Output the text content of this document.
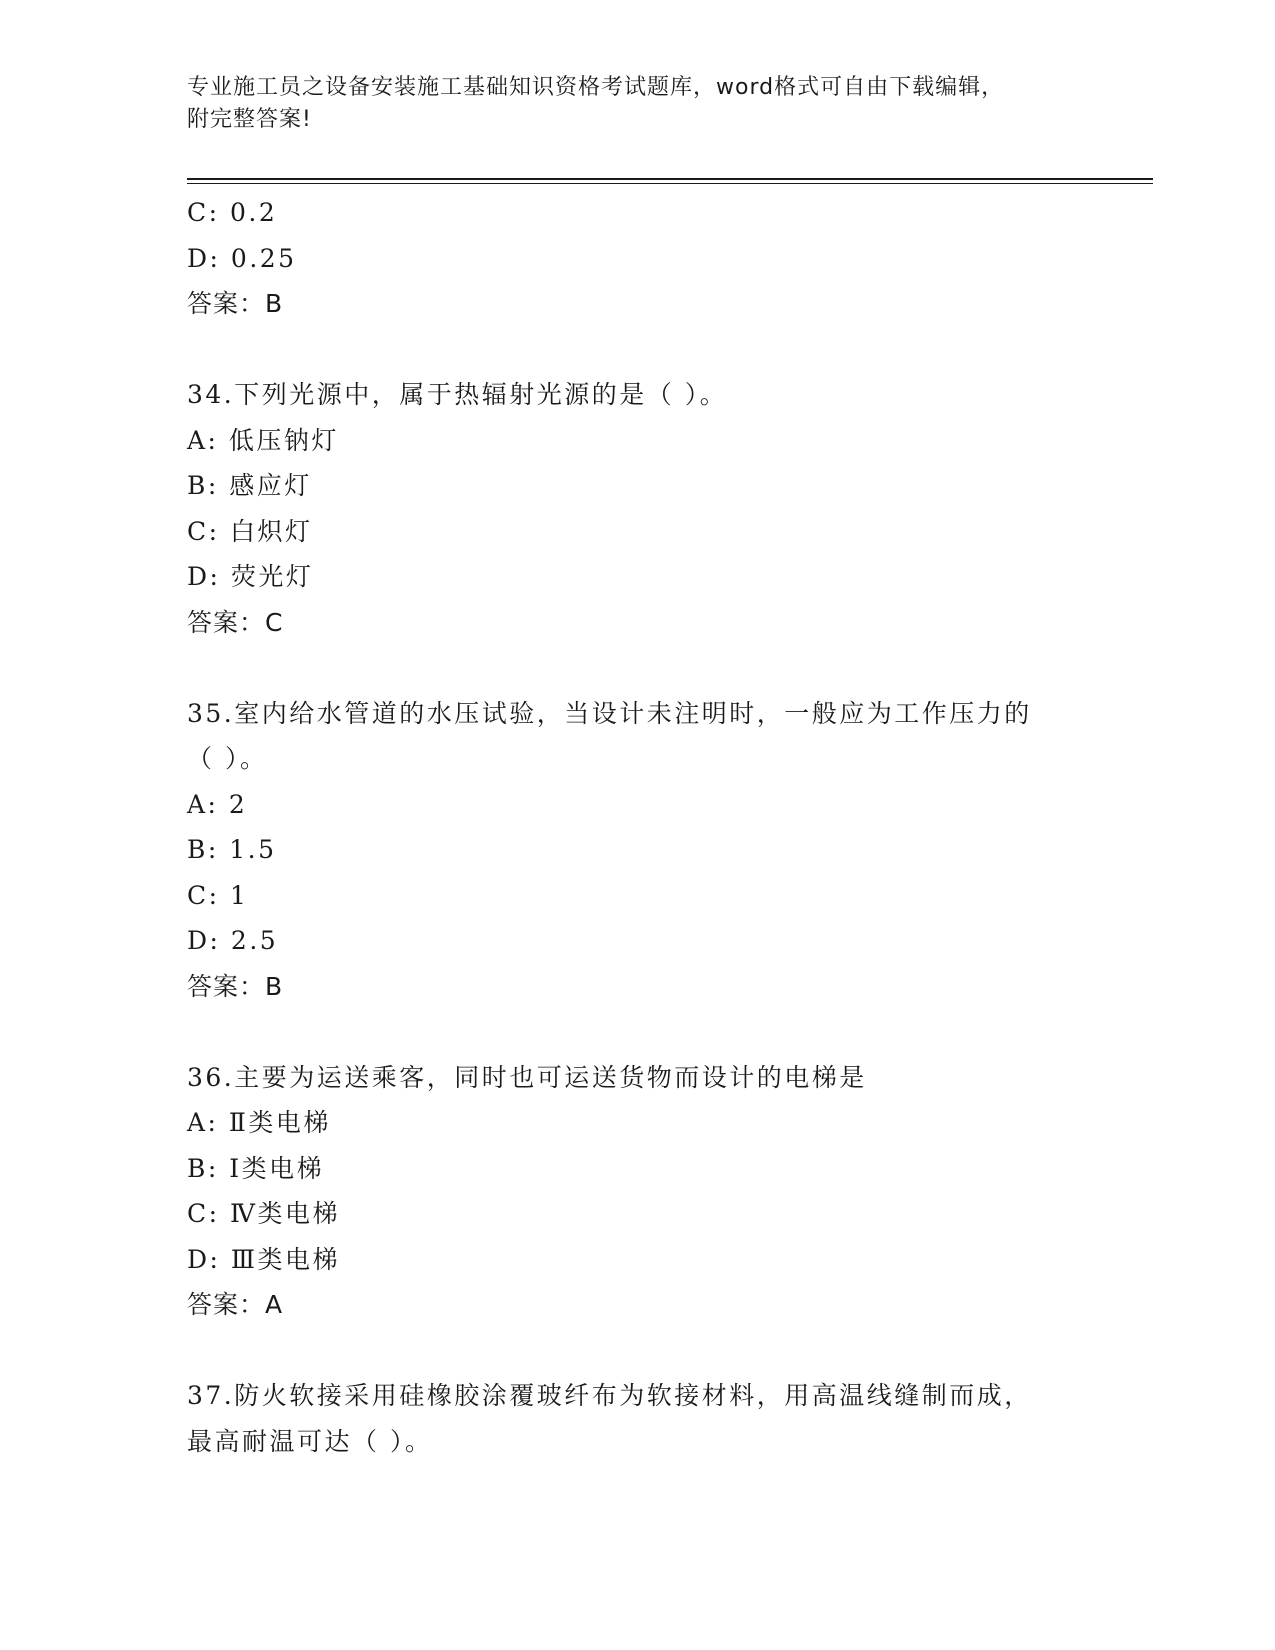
专业施工员之设备安装施工基础知识资格考试题库，word格式可自由下载编辑，
附完整答案!
C: 0.2
D: 0.25
答案：B
34.下列光源中，属于热辐射光源的是（ ）。
A: 低压钠灯
B: 感应灯
C: 白炽灯
D: 荧光灯
答案：C
35.室内给水管道的水压试验，当设计未注明时，一般应为工作压力的
（ ）。
A: 2
B: 1.5
C: 1
D: 2.5
答案：B
36.主要为运送乘客，同时也可运送货物而设计的电梯是
A: Ⅱ类电梯
B: Ⅰ类电梯
C: Ⅳ类电梯
D: Ⅲ类电梯
答案：A
37.防火软接采用硅橡胶涂覆玻纤布为软接材料，用高温线缝制而成，
最高耐温可达（ ）。
